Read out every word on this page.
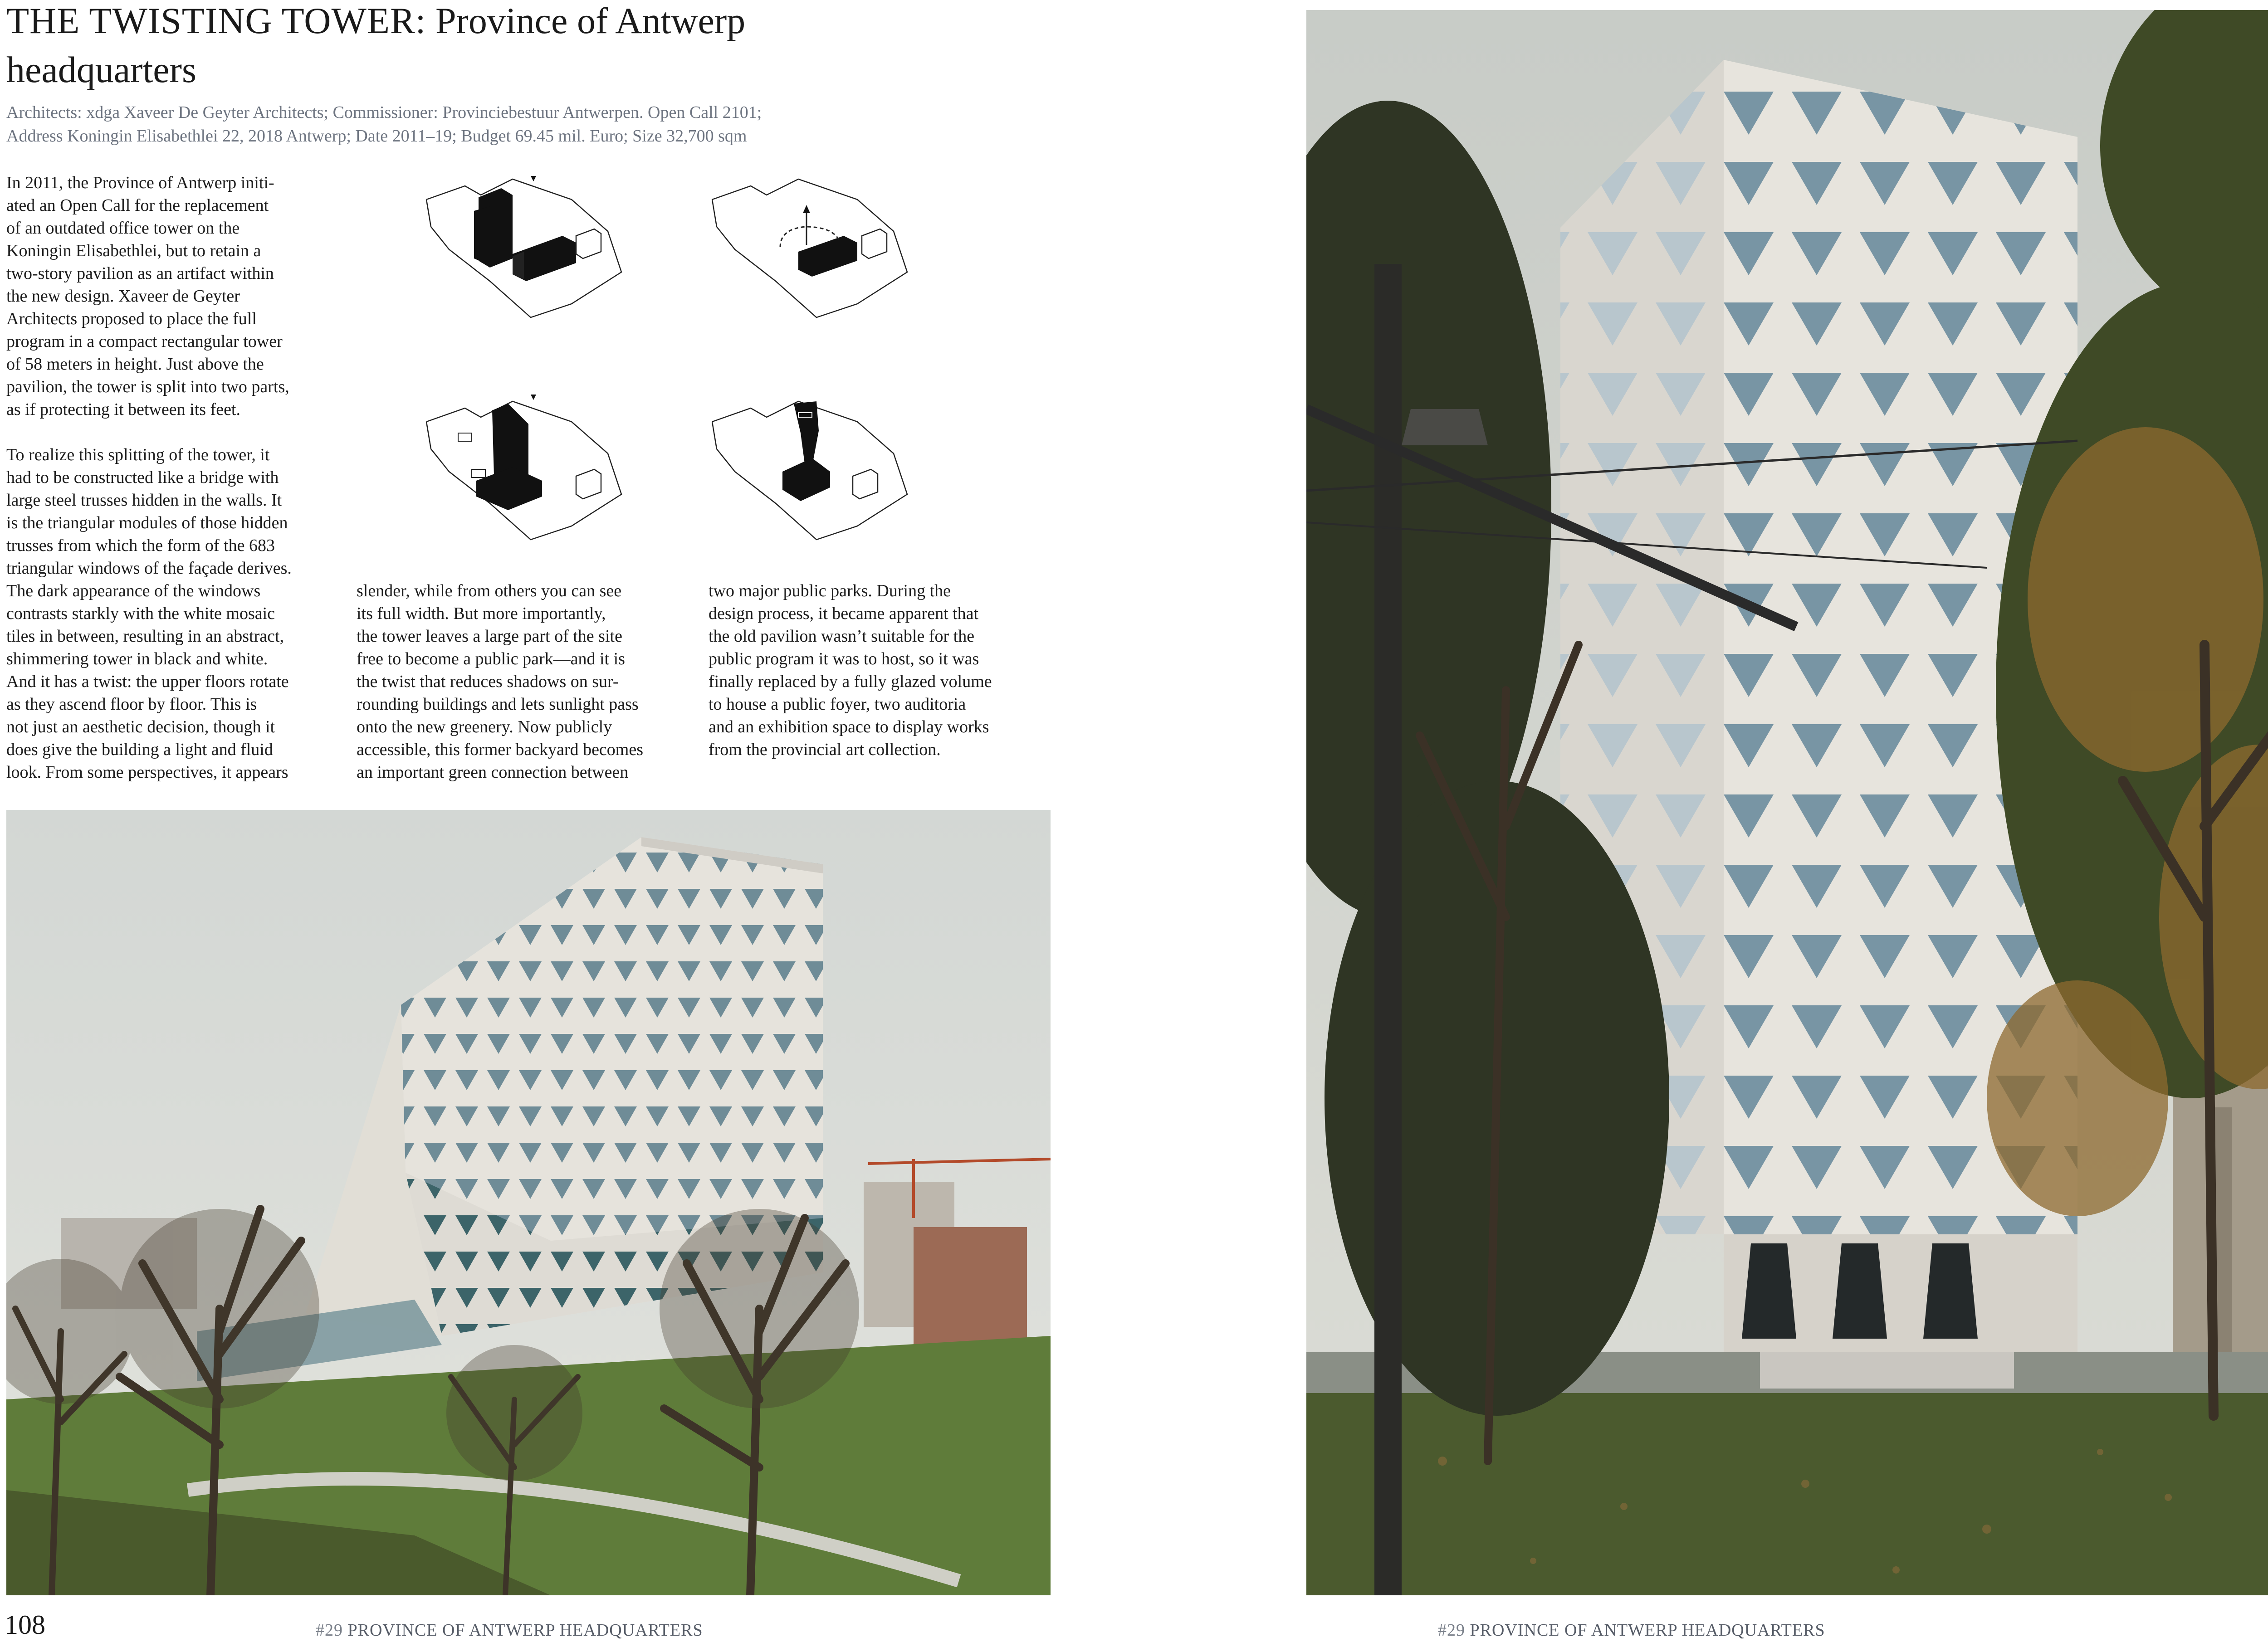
THE TWISTING TOWER: Province of Antwerp
headquarters
Architects: xdga Xaveer De Geyter Architects; Commissioner: Provinciebestuur Antwerpen. Open Call 2101;
Address Koningin Elisabethlei 22, 2018 Antwerp; Date 2011–19; Budget 69.45 mil. Euro; Size 32,700 sqm

In 2011, the Province of Antwerp initi-

ated an Open Call for the replacement

of an outdated office tower on the

Koningin Elisabethlei, but to retain a

two-story pavilion as an artifact within

the new design. Xaveer de Geyter

Architects proposed to place the full

program in a compact rectangular tower

of 58 meters in height. Just above the

pavilion, the tower is split into two parts,

as if protecting it between its feet.

To realize this splitting of the tower, it

had to be constructed like a bridge with

large steel trusses hidden in the walls. It

is the triangular modules of those hidden

trusses from which the form of the 683

triangular windows of the façade derives.

The dark appearance of the windows

contrasts starkly with the white mosaic

tiles in between, resulting in an abstract,

shimmering tower in black and white.

And it has a twist: the upper floors rotate

as they ascend floor by floor. This is

not just an aesthetic decision, though it

does give the building a light and fluid

look. From some perspectives, it appears

slender, while from others you can see

its full width. But more importantly,

the tower leaves a large part of the site

free to become a public park—and it is

the twist that reduces shadows on sur-

rounding buildings and lets sunlight pass

onto the new greenery. Now publicly

accessible, this former backyard becomes

an important green connection between

two major public parks. During the

design process, it became apparent that

the old pavilion wasn’t suitable for the

public program it was to host, so it was

finally replaced by a fully glazed volume

to house a public foyer, two auditoria

and an exhibition space to display works

from the provincial art collection.

108	#29 PROVINCE OF ANTWERP HEADQUARTERS	#29 PROVINCE OF ANTWERP HEADQUARTERS
